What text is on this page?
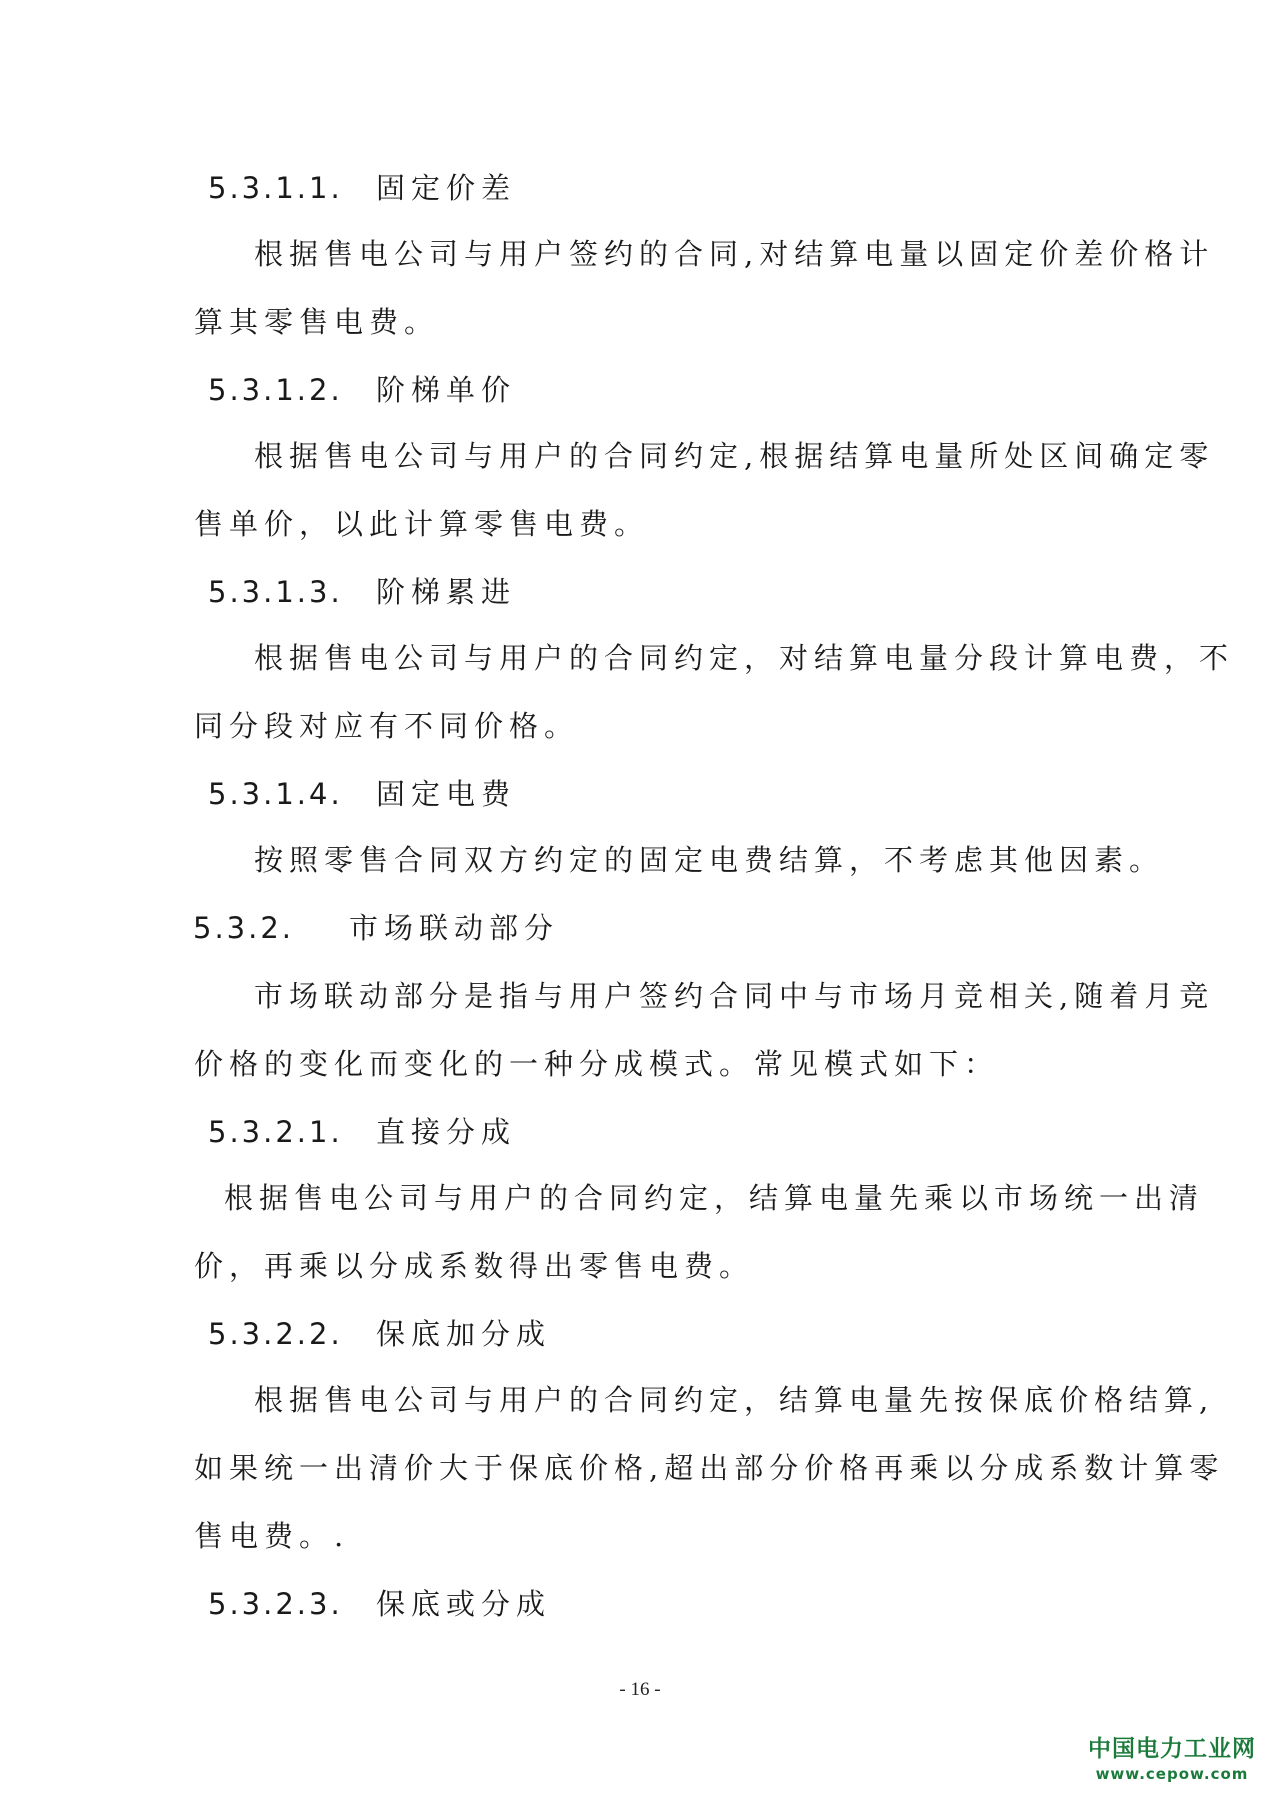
5.3.1.1. 固定价差
根据售电公司与用户签约的合同,对结算电量以固定价差价格计
算其零售电费。
5.3.1.2. 阶梯单价
根据售电公司与用户的合同约定,根据结算电量所处区间确定零
售单价，以此计算零售电费。
5.3.1.3. 阶梯累进
根据售电公司与用户的合同约定，对结算电量分段计算电费，不
同分段对应有不同价格。
5.3.1.4. 固定电费
按照零售合同双方约定的固定电费结算，不考虑其他因素。
5.3.2. 市场联动部分
市场联动部分是指与用户签约合同中与市场月竞相关,随着月竞
价格的变化而变化的一种分成模式。常见模式如下：
5.3.2.1. 直接分成
根据售电公司与用户的合同约定，结算电量先乘以市场统一出清
价，再乘以分成系数得出零售电费。
5.3.2.2. 保底加分成
根据售电公司与用户的合同约定，结算电量先按保底价格结算,
如果统一出清价大于保底价格,超出部分价格再乘以分成系数计算零
售电费。.
5.3.2.3. 保底或分成
- 16 -
中国电力工业网
www.cepow.com
